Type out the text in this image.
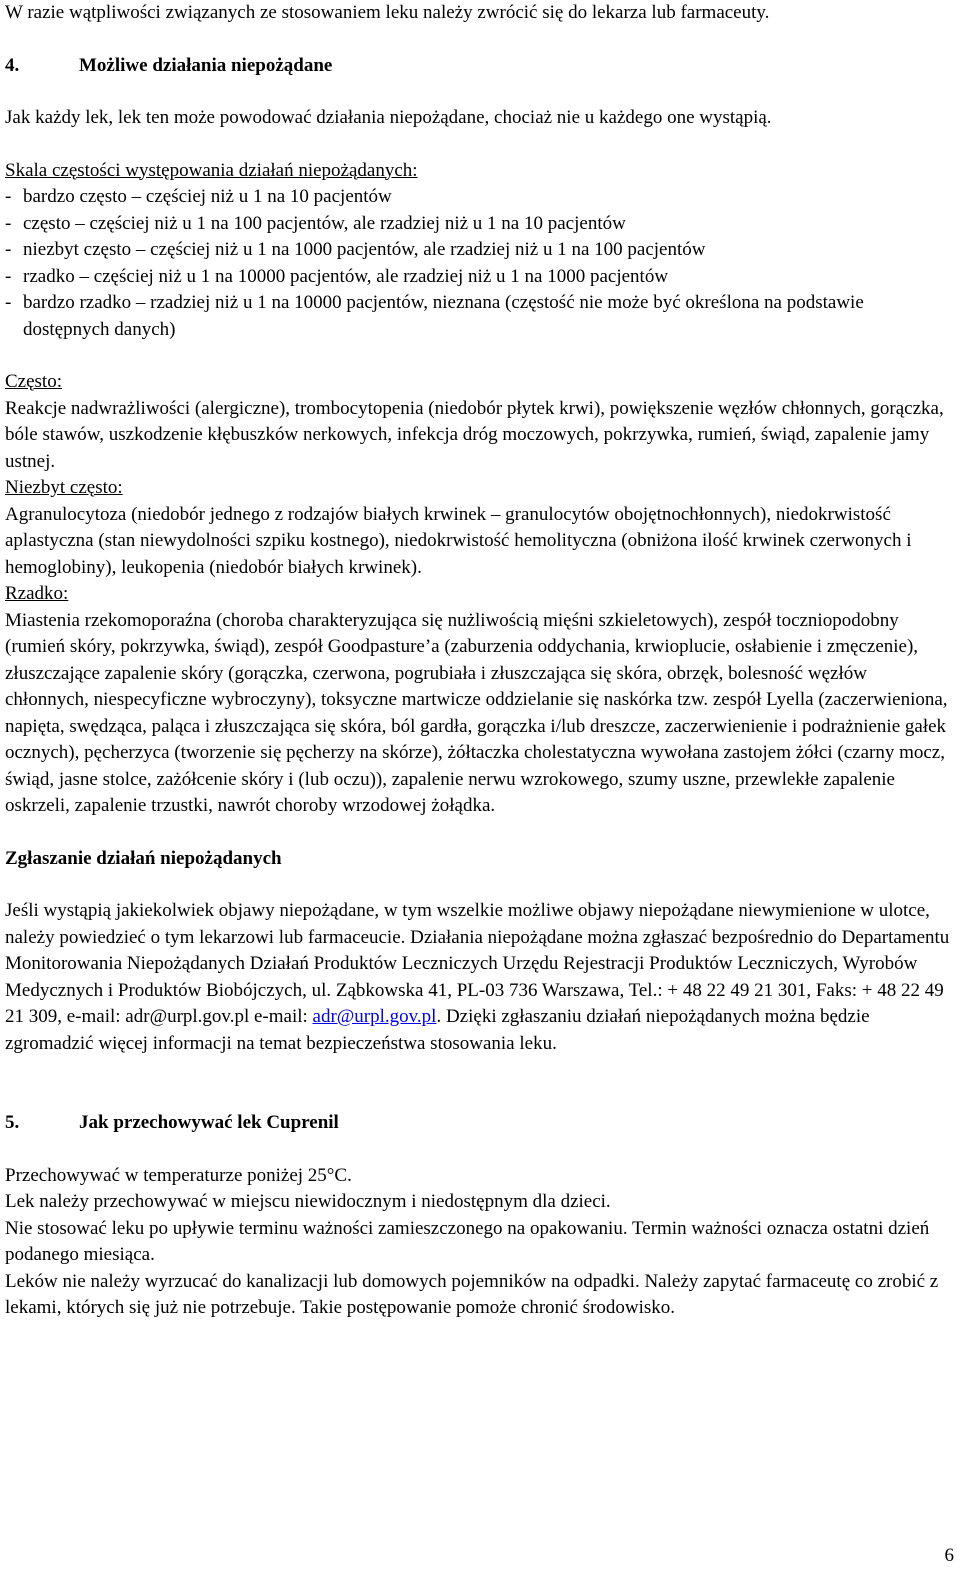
W razie wątpliwości związanych ze stosowaniem leku należy zwrócić się do lekarza lub farmaceuty.

4.	Możliwe działania niepożądane

Jak każdy lek, lek ten może powodować działania niepożądane, chociaż nie u każdego one wystąpią.

Skala częstości występowania działań niepożądanych:

- bardzo często – częściej niż u 1 na 10 pacjentów
- często – częściej niż u 1 na 100 pacjentów, ale rzadziej niż u 1 na 10 pacjentów
- niezbyt często – częściej niż u 1 na 1000 pacjentów, ale rzadziej niż u 1 na 100 pacjentów
- rzadko – częściej niż u 1 na 10000 pacjentów, ale rzadziej niż u 1 na 1000 pacjentów
- bardzo rzadko – rzadziej niż u 1 na 10000 pacjentów, nieznana (częstość nie może być określona na podstawie dostępnych danych)

Często:

Reakcje nadwrażliwości (alergiczne), trombocytopenia (niedobór płytek krwi), powiększenie węzłów chłonnych, gorączka, bóle stawów, uszkodzenie kłębuszków nerkowych, infekcja dróg moczowych, pokrzywka, rumień, świąd, zapalenie jamy ustnej.

Niezbyt często:

Agranulocytoza (niedobór jednego z rodzajów białych krwinek – granulocytów obojętnochłonnych), niedokrwistość aplastyczna (stan niewydolności szpiku kostnego), niedokrwistość hemolityczna (obniżona ilość krwinek czerwonych i hemoglobiny), leukopenia (niedobór białych krwinek).

Rzadko:

Miastenia rzekomoporaźna (choroba charakteryzująca się nużliwością mięśni szkieletowych), zespół toczniopodobny (rumień skóry, pokrzywka, świąd), zespół Goodpasture’a (zaburzenia oddychania, krwioplucie, osłabienie i zmęczenie), złuszczające zapalenie skóry (gorączka, czerwona, pogrubiała i złuszczająca się skóra, obrzęk, bolesność węzłów chłonnych, niespecyficzne wybroczyny), toksyczne martwicze oddzielanie się naskórka tzw. zespół Lyella (zaczerwieniona, napięta, swędząca, paląca i złuszczająca się skóra, ból gardła, gorączka i/lub dreszcze, zaczerwienienie i podrażnienie gałek ocznych), pęcherzyca (tworzenie się pęcherzy na skórze), żółtaczka cholestatyczna wywołana zastojem żółci (czarny mocz, świąd, jasne stolce, zażółcenie skóry i (lub oczu)), zapalenie nerwu wzrokowego, szumy uszne, przewlekłe zapalenie oskrzeli, zapalenie trzustki, nawrót choroby wrzodowej żołądka.

Zgłaszanie działań niepożądanych

Jeśli wystąpią jakiekolwiek objawy niepożądane, w tym wszelkie możliwe objawy niepożądane niewymienione w ulotce, należy powiedzieć o tym lekarzowi lub farmaceucie. Działania niepożądane można zgłaszać bezpośrednio do Departamentu Monitorowania Niepożądanych Działań Produktów Leczniczych Urzędu Rejestracji Produktów Leczniczych, Wyrobów Medycznych i Produktów Biobójczych, ul. Ząbkowska 41, PL-03 736 Warszawa, Tel.: + 48 22 49 21 301, Faks: + 48 22 49 21 309, e-mail: adr@urpl.gov.pl e-mail: adr@urpl.gov.pl. Dzięki zgłaszaniu działań niepożądanych można będzie zgromadzić więcej informacji na temat bezpieczeństwa stosowania leku.

5.	Jak przechowywać lek Cuprenil

Przechowywać w temperaturze poniżej 25°C.

Lek należy przechowywać w miejscu niewidocznym i niedostępnym dla dzieci.

Nie stosować leku po upływie terminu ważności zamieszczonego na opakowaniu. Termin ważności oznacza ostatni dzień podanego miesiąca.

Leków nie należy wyrzucać do kanalizacji lub domowych pojemników na odpadki. Należy zapytać farmaceutę co zrobić z lekami, których się już nie potrzebuje. Takie postępowanie pomoże chronić środowisko.

6
